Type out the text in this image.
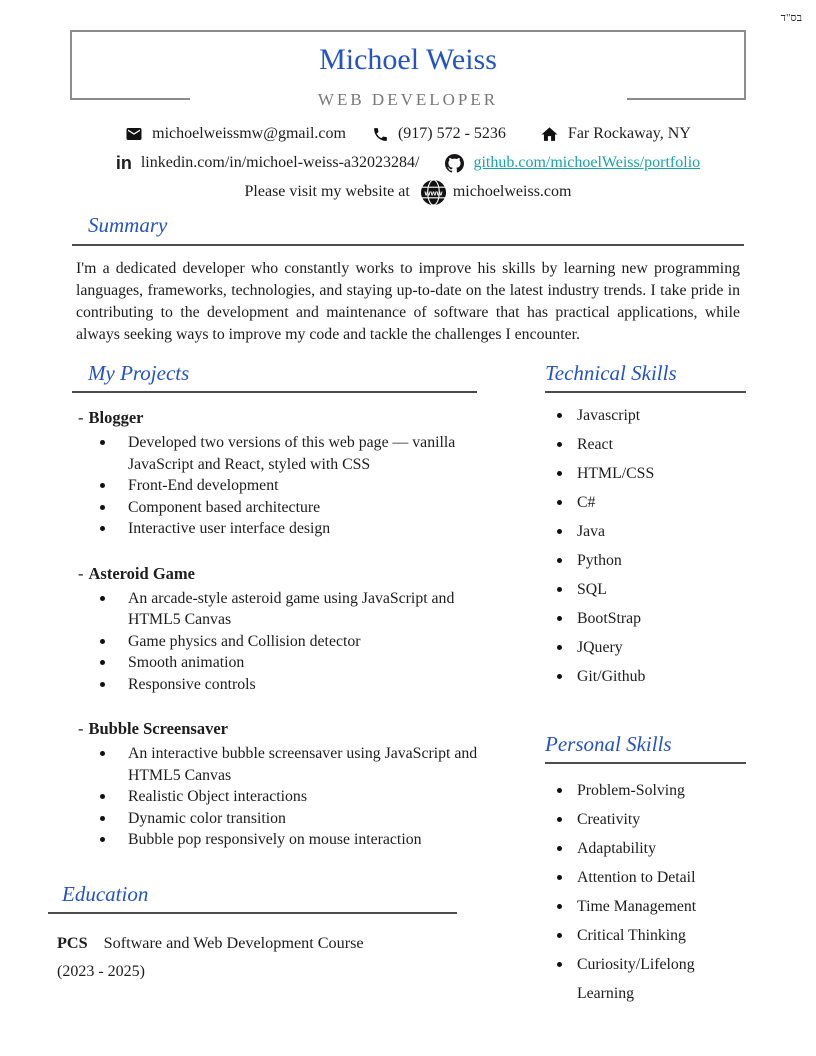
בס"ד
Michoel Weiss
WEB DEVELOPER
michoelweissmw@gmail.com	(917) 572 - 5236	Far Rockaway, NY
in linkedin.com/in/michoel-weiss-a32023284/	github.com/michoelWeiss/portfolio
Please visit my website at www michoelweiss.com
Summary
I'm a dedicated developer who constantly works to improve his skills by learning new programming languages, frameworks, technologies, and staying up-to-date on the latest industry trends. I take pride in contributing to the development and maintenance of software that has practical applications, while always seeking ways to improve my code and tackle the challenges I encounter.
My Projects
- Blogger
Developed two versions of this web page — vanilla JavaScript and React, styled with CSS
Front-End development
Component based architecture
Interactive user interface design
- Asteroid Game
An arcade-style asteroid game using JavaScript and HTML5 Canvas
Game physics and Collision detector
Smooth animation
Responsive controls
- Bubble Screensaver
An interactive bubble screensaver using JavaScript and HTML5 Canvas
Realistic Object interactions
Dynamic color transition
Bubble pop responsively on mouse interaction
Education
PCS Software and Web Development Course
(2023 - 2025)
Technical Skills
Javascript
React
HTML/CSS
C#
Java
Python
SQL
BootStrap
JQuery
Git/Github
Personal Skills
Problem-Solving
Creativity
Adaptability
Attention to Detail
Time Management
Critical Thinking
Curiosity/Lifelong Learning
